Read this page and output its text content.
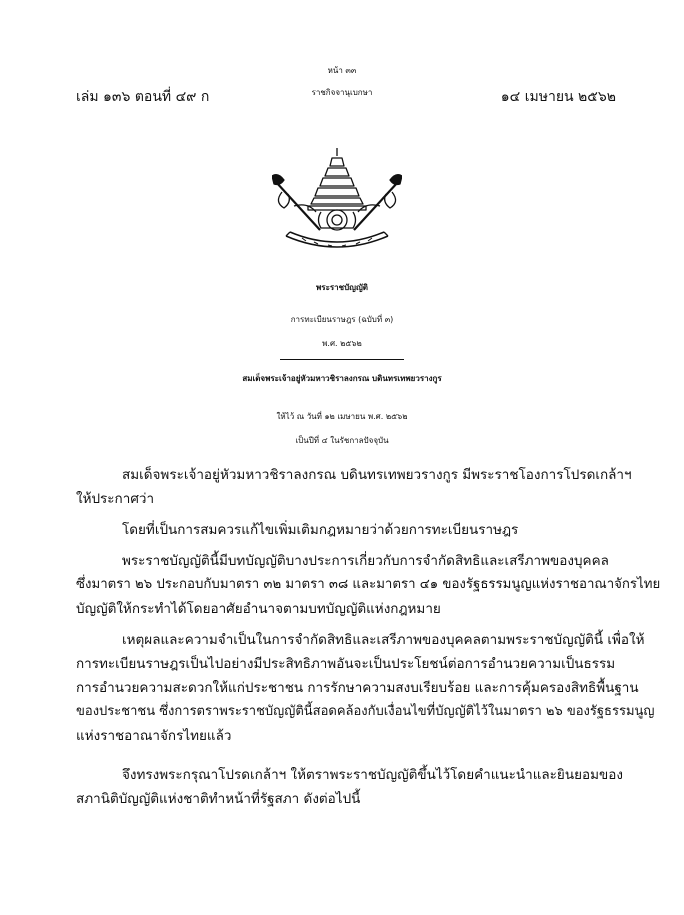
หน้า ๓๓
เล่ม ๑๓๖ ตอนที่ ๔๙ ก	ราชกิจจานุเบกษา	๑๔ เมษายน ๒๕๖๒
พระราชบัญญัติ
การทะเบียนราษฎร (ฉบับที่ ๓)
พ.ศ. ๒๕๖๒
สมเด็จพระเจ้าอยู่หัวมหาวชิราลงกรณ บดินทรเทพยวรางกูร
ให้ไว้ ณ วันที่ ๑๒ เมษายน พ.ศ. ๒๕๖๒
เป็นปีที่ ๔ ในรัชกาลปัจจุบัน
สมเด็จพระเจ้าอยู่หัวมหาวชิราลงกรณ บดินทรเทพยวรางกูร มีพระราชโองการโปรดเกล้าฯ
ให้ประกาศว่า
โดยที่เป็นการสมควรแก้ไขเพิ่มเติมกฎหมายว่าด้วยการทะเบียนราษฎร
พระราชบัญญัตินี้มีบทบัญญัติบางประการเกี่ยวกับการจำกัดสิทธิและเสรีภาพของบุคคล
ซึ่งมาตรา ๒๖ ประกอบกับมาตรา ๓๒ มาตรา ๓๘ และมาตรา ๔๑ ของรัฐธรรมนูญแห่งราชอาณาจักรไทย
บัญญัติให้กระทำได้โดยอาศัยอำนาจตามบทบัญญัติแห่งกฎหมาย
เหตุผลและความจำเป็นในการจำกัดสิทธิและเสรีภาพของบุคคลตามพระราชบัญญัตินี้ เพื่อให้
การทะเบียนราษฎรเป็นไปอย่างมีประสิทธิภาพอันจะเป็นประโยชน์ต่อการอำนวยความเป็นธรรม
การอำนวยความสะดวกให้แก่ประชาชน การรักษาความสงบเรียบร้อย และการคุ้มครองสิทธิพื้นฐาน
ของประชาชน ซึ่งการตราพระราชบัญญัตินี้สอดคล้องกับเงื่อนไขที่บัญญัติไว้ในมาตรา ๒๖ ของรัฐธรรมนูญ
แห่งราชอาณาจักรไทยแล้ว
จึงทรงพระกรุณาโปรดเกล้าฯ ให้ตราพระราชบัญญัติขึ้นไว้โดยคำแนะนำและยินยอมของ
สภานิติบัญญัติแห่งชาติทำหน้าที่รัฐสภา ดังต่อไปนี้
